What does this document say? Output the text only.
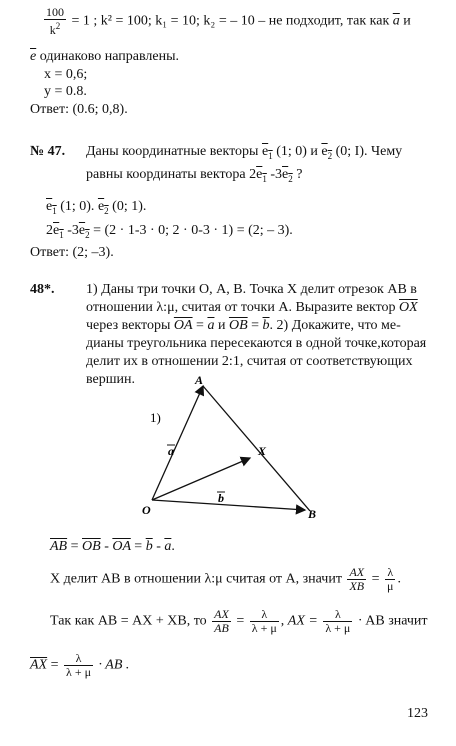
$\frac{100}{k^2} = 1$ ; k² = 100; k₁ = 10; k₂ = – 10 – не подходит, так как $\overline{a}$ и
$\overline{e}$ одинаково направлены.
x = 0,6;
y = 0.8.
Ответ: (0.6; 0,8).
№ 47. Даны координатные векторы $e_1$ (1; 0) и $e_2$ (0; I). Чему
равны координаты вектора $2e_1$ $-3e_2$ ?
$e_1$ (1; 0). $e_2$ (0; 1).
$2e_1$ $-3e_2 = (2 \cdot 1-3 \cdot 0$; 2 · 0-3 · 1) = (2; – 3).
Ответ: (2; –3).
48*. 1) Даны три точки О, А, В. Точка X делит отрезок АВ в
отношении λ:μ, считая от точки А. Выразите вектор $\overline{OX}$
через векторы $\overline{OA} = \overline{a}$ и $\overline{OB} = \overline{b}$. 2) Докажите, что ме-
дианы треугольника пересекаются в одной точке,которая
делит их в отношении 2:1, считая от соответствующих
вершин.
1)
A
X
O	B
a
b
$\overline{AB} = \overline{OB} - \overline{OA} = \overline{b} - \overline{a}$.
X делит АВ в отношении λ:μ считая от А, значит $\frac{AX}{XB} = \frac{\lambda}{\mu}$ .
Так как АВ = АХ + ХВ, то $\frac{AX}{AB} = \frac{\lambda}{\lambda + \mu}$ , AX = $\frac{\lambda}{\lambda + \mu}$ · AB значит
$\overline{AX} = \frac{\lambda}{\lambda + \mu}$ · AB .
123
